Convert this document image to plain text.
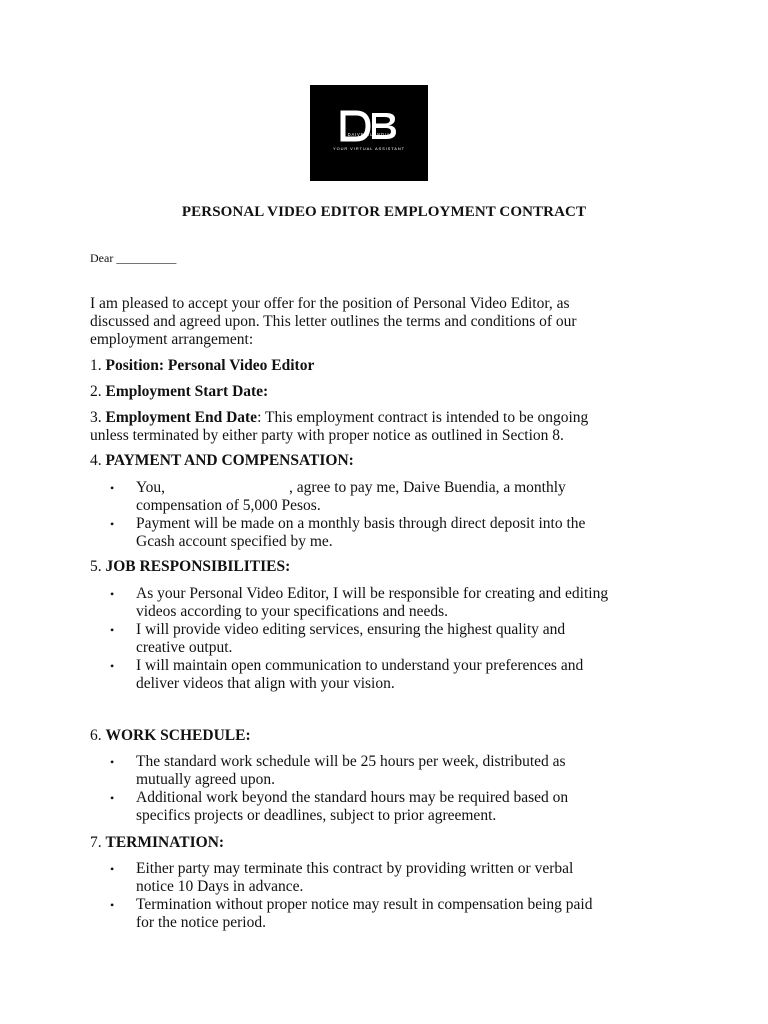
DAIVE BUENDIA
YOUR VIRTUAL ASSISTANT
PERSONAL VIDEO EDITOR EMPLOYMENT CONTRACT
Dear __________
I am pleased to accept your offer for the position of Personal Video Editor, as
discussed and agreed upon. This letter outlines the terms and conditions of our
employment arrangement:
1. Position: Personal Video Editor
2. Employment Start Date:
3. Employment End Date: This employment contract is intended to be ongoing
unless terminated by either party with proper notice as outlined in Section 8.
4. PAYMENT AND COMPENSATION:
• You,	, agree to pay me, Daive Buendia, a monthly
compensation of 5,000 Pesos.
• Payment will be made on a monthly basis through direct deposit into the
Gcash account specified by me.
5. JOB RESPONSIBILITIES:
• As your Personal Video Editor, I will be responsible for creating and editing
videos according to your specifications and needs.
• I will provide video editing services, ensuring the highest quality and
creative output.
• I will maintain open communication to understand your preferences and
deliver videos that align with your vision.
6. WORK SCHEDULE:
• The standard work schedule will be 25 hours per week, distributed as
mutually agreed upon.
• Additional work beyond the standard hours may be required based on
specifics projects or deadlines, subject to prior agreement.
7. TERMINATION:
• Either party may terminate this contract by providing written or verbal
notice 10 Days in advance.
• Termination without proper notice may result in compensation being paid
for the notice period.
